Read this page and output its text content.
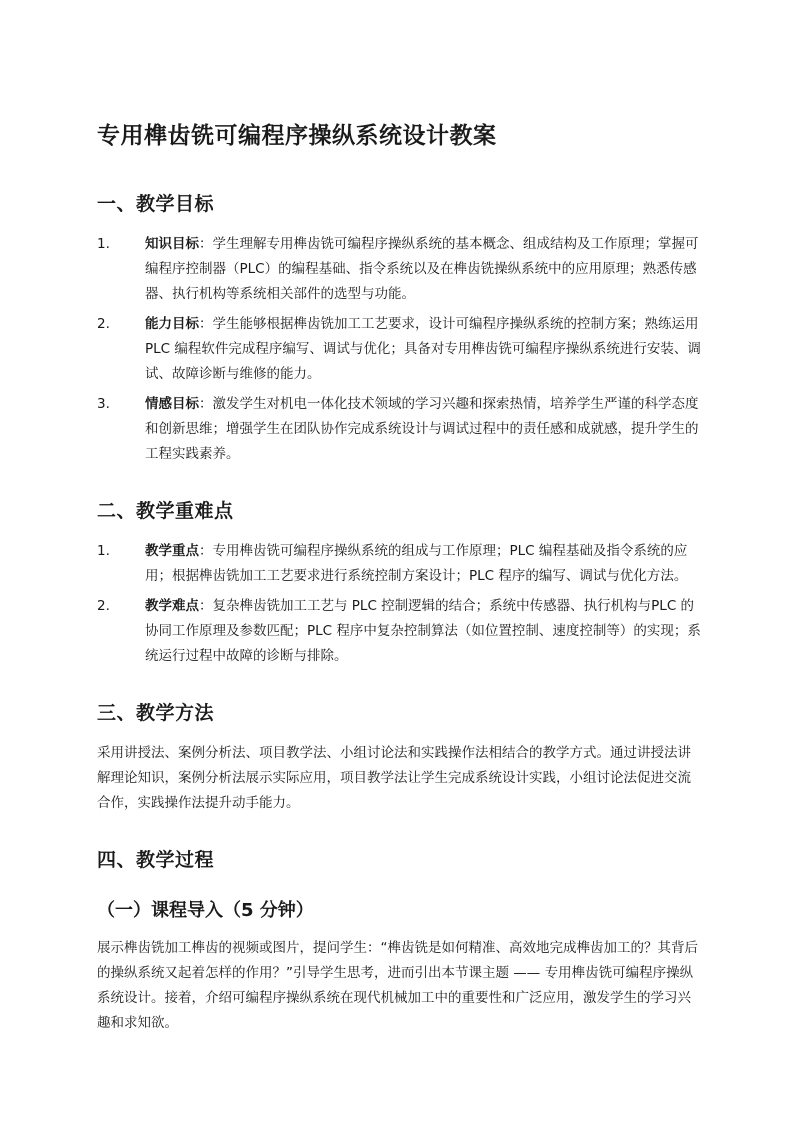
专用榫齿铣可编程序操纵系统设计教案
一、教学目标
1.	知识目标：学生理解专用榫齿铣可编程序操纵系统的基本概念、组成结构及工作原理；掌握可编程序控制器（PLC）的编程基础、指令系统以及在榫齿铣操纵系统中的应用原理；熟悉传感器、执行机构等系统相关部件的选型与功能。
2.	能力目标：学生能够根据榫齿铣加工工艺要求，设计可编程序操纵系统的控制方案；熟练运用 PLC 编程软件完成程序编写、调试与优化；具备对专用榫齿铣可编程序操纵系统进行安装、调试、故障诊断与维修的能力。
3.	情感目标：激发学生对机电一体化技术领域的学习兴趣和探索热情，培养学生严谨的科学态度和创新思维；增强学生在团队协作完成系统设计与调试过程中的责任感和成就感，提升学生的工程实践素养。
二、教学重难点
1.	教学重点：专用榫齿铣可编程序操纵系统的组成与工作原理；PLC 编程基础及指令系统的应用；根据榫齿铣加工工艺要求进行系统控制方案设计；PLC 程序的编写、调试与优化方法。
2.	教学难点：复杂榫齿铣加工工艺与 PLC 控制逻辑的结合；系统中传感器、执行机构与PLC 的协同工作原理及参数匹配；PLC 程序中复杂控制算法（如位置控制、速度控制等）的实现；系统运行过程中故障的诊断与排除。
三、教学方法

采用讲授法、案例分析法、项目教学法、小组讨论法和实践操作法相结合的教学方式。通过讲授法讲解理论知识，案例分析法展示实际应用，项目教学法让学生完成系统设计实践，小组讨论法促进交流合作，实践操作法提升动手能力。

四、教学过程
（一）课程导入（5 分钟）

展示榫齿铣加工榫齿的视频或图片，提问学生：“榫齿铣是如何精准、高效地完成榫齿加工的？其背后的操纵系统又起着怎样的作用？”引导学生思考，进而引出本节课主题 —— 专用榫齿铣可编程序操纵系统设计。接着，介绍可编程序操纵系统在现代机械加工中的重要性和广泛应用，激发学生的学习兴趣和求知欲。
